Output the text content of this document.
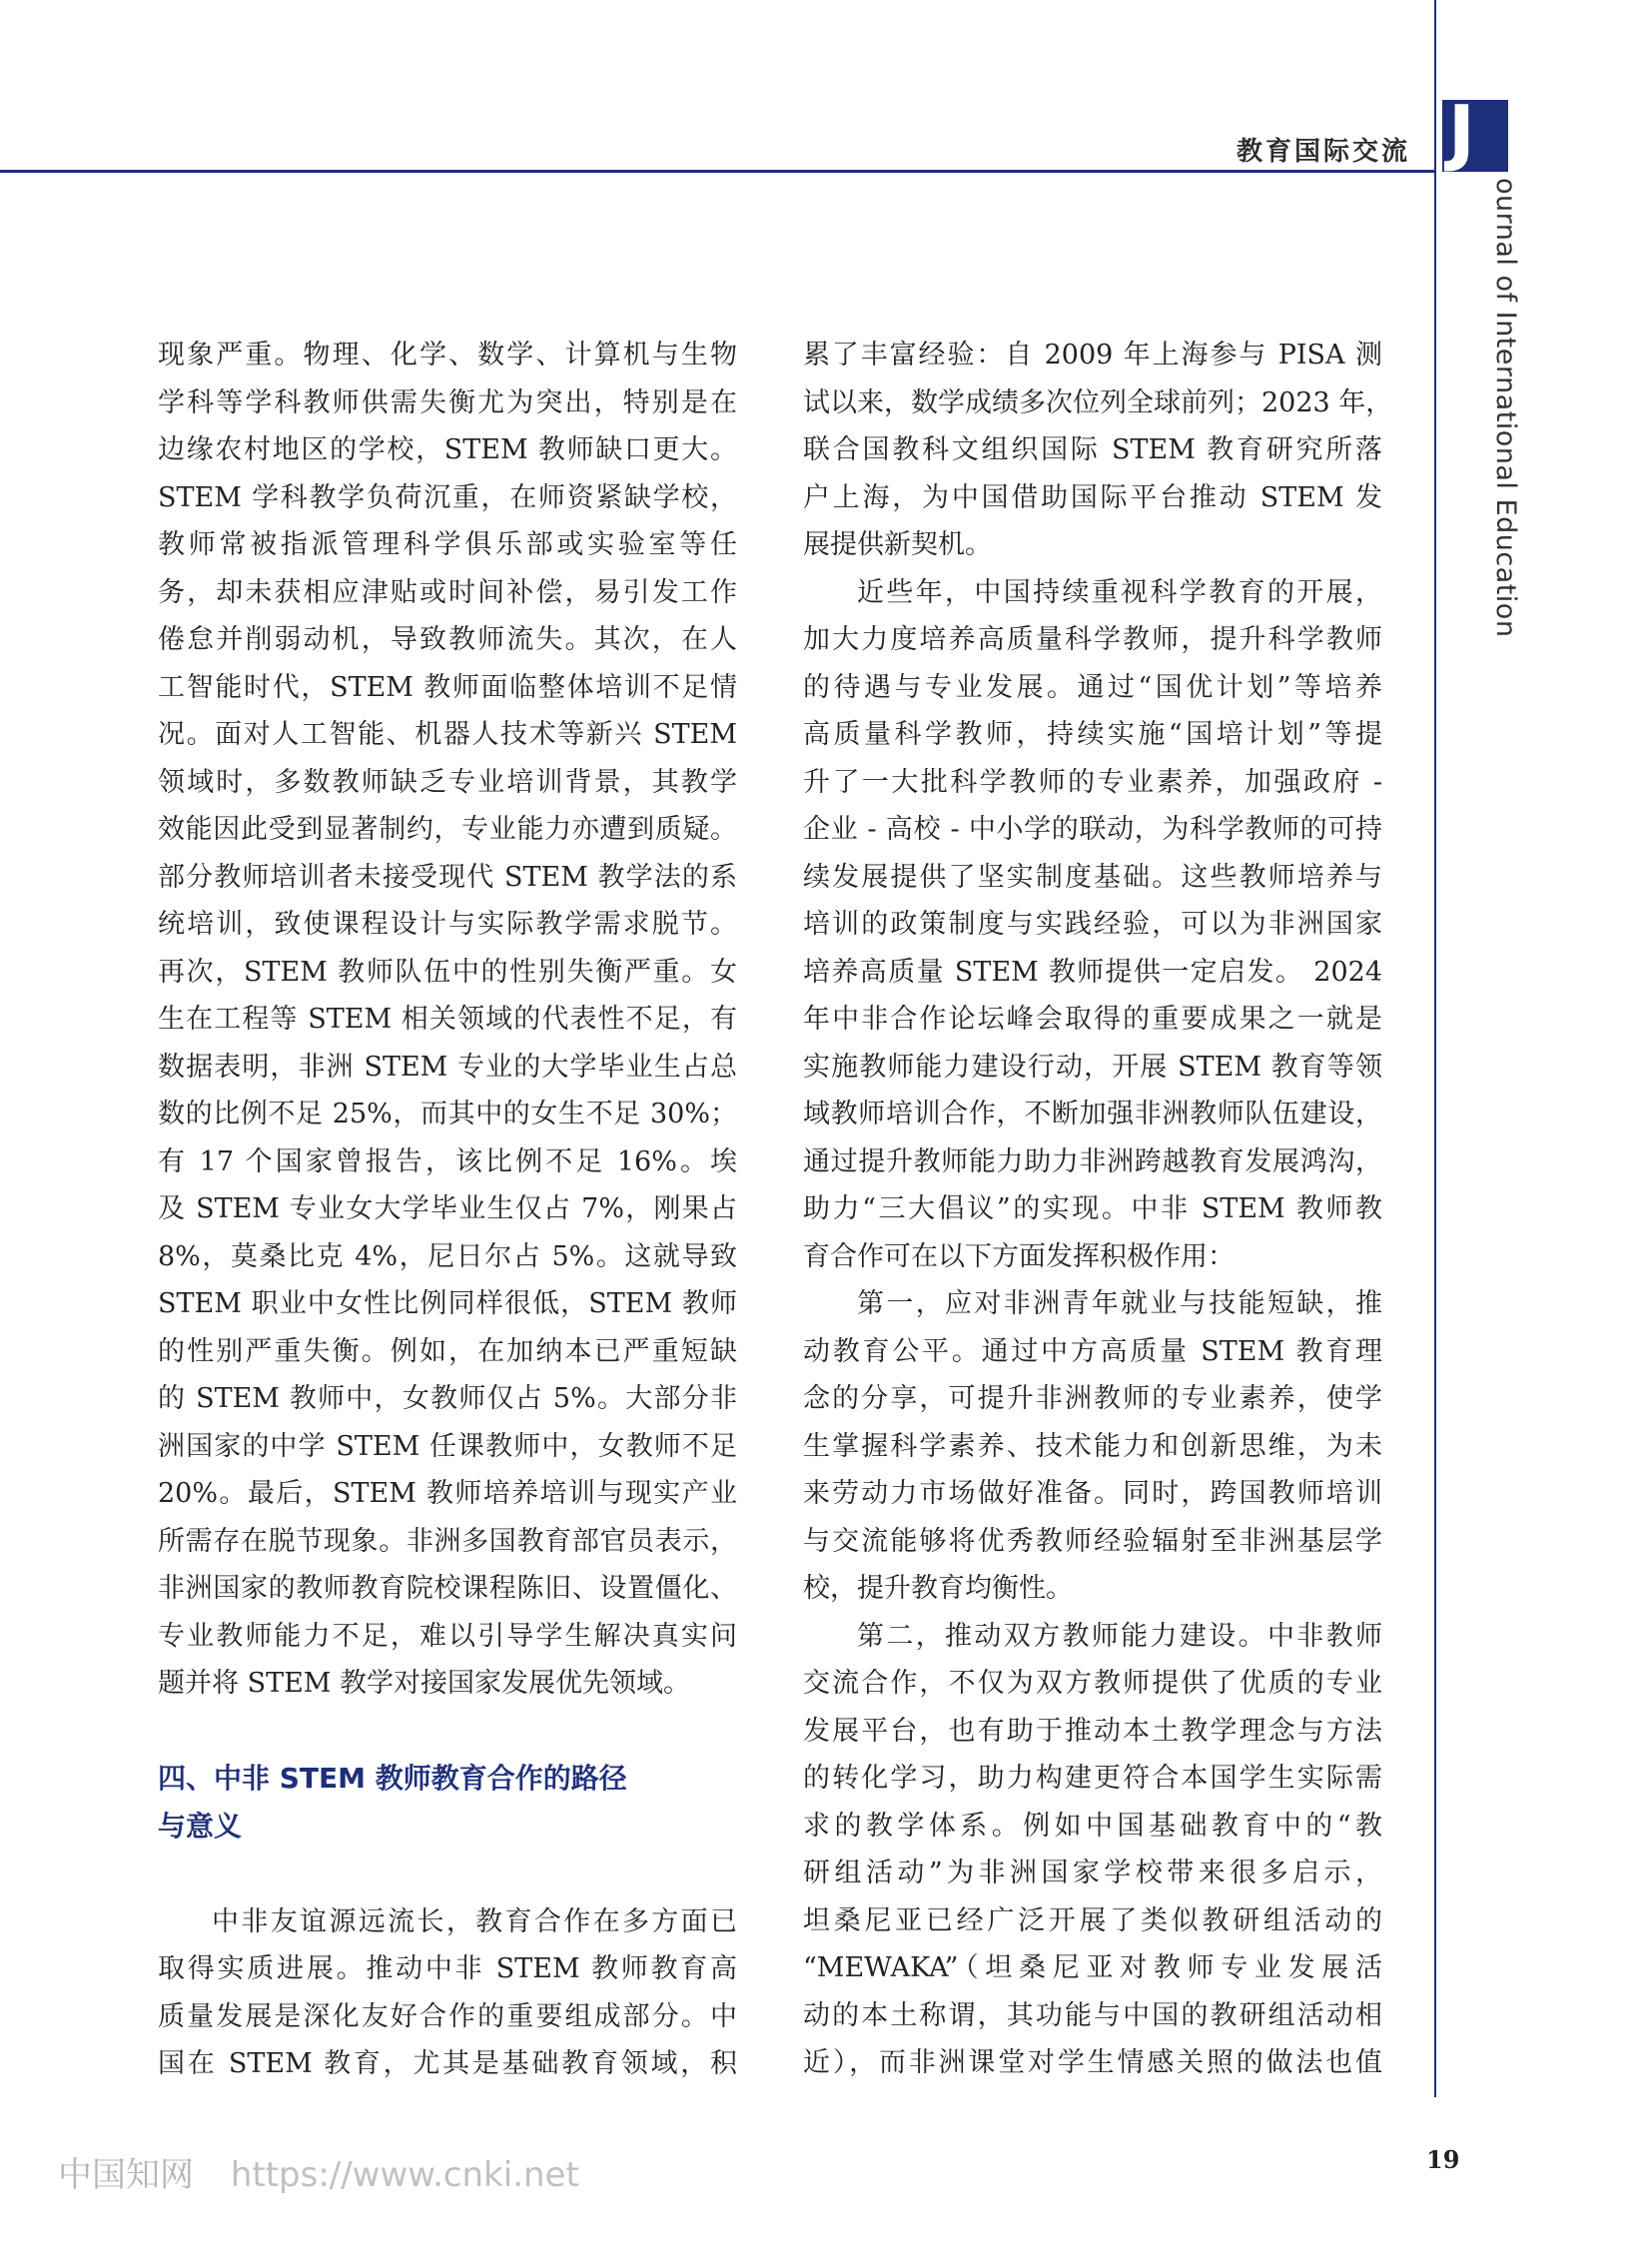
教育国际交流 J
ournal of International Education
现象严重。物理、化学、数学、计算机与生物
学科等学科教师供需失衡尤为突出，特别是在
边缘农村地区的学校，STEM 教师缺口更大。
STEM 学科教学负荷沉重，在师资紧缺学校，
教师常被指派管理科学俱乐部或实验室等任
务，却未获相应津贴或时间补偿，易引发工作
倦怠并削弱动机，导致教师流失。其次，在人
工智能时代，STEM 教师面临整体培训不足情
况。面对人工智能、机器人技术等新兴 STEM
领域时，多数教师缺乏专业培训背景，其教学
效能因此受到显著制约，专业能力亦遭到质疑。
部分教师培训者未接受现代 STEM 教学法的系
统培训，致使课程设计与实际教学需求脱节。
再次，STEM 教师队伍中的性别失衡严重。女
生在工程等 STEM 相关领域的代表性不足，有
数据表明，非洲 STEM 专业的大学毕业生占总
数的比例不足 25%，而其中的女生不足 30%；
有 17 个国家曾报告，该比例不足 16%。埃
及 STEM 专业女大学毕业生仅占 7%，刚果占
8%，莫桑比克 4%，尼日尔占 5%。这就导致
STEM 职业中女性比例同样很低，STEM 教师
的性别严重失衡。例如，在加纳本已严重短缺
的 STEM 教师中，女教师仅占 5%。大部分非
洲国家的中学 STEM 任课教师中，女教师不足
20%。最后，STEM 教师培养培训与现实产业
所需存在脱节现象。非洲多国教育部官员表示，
非洲国家的教师教育院校课程陈旧、设置僵化、
专业教师能力不足，难以引导学生解决真实问
题并将 STEM 教学对接国家发展优先领域。
四、中非 STEM 教师教育合作的路径
与意义
中非友谊源远流长，教育合作在多方面已
取得实质进展。推动中非 STEM 教师教育高
质量发展是深化友好合作的重要组成部分。中
国在 STEM 教育，尤其是基础教育领域，积
累了丰富经验：自 2009 年上海参与 PISA 测
试以来，数学成绩多次位列全球前列；2023 年，
联合国教科文组织国际 STEM 教育研究所落
户上海，为中国借助国际平台推动 STEM 发
展提供新契机。
近些年，中国持续重视科学教育的开展，
加大力度培养高质量科学教师，提升科学教师
的待遇与专业发展。通过“国优计划”等培养
高质量科学教师，持续实施“国培计划”等提
升了一大批科学教师的专业素养，加强政府 -
企业 - 高校 - 中小学的联动，为科学教师的可持
续发展提供了坚实制度基础。这些教师培养与
培训的政策制度与实践经验，可以为非洲国家
培养高质量 STEM 教师提供一定启发。 2024
年中非合作论坛峰会取得的重要成果之一就是
实施教师能力建设行动，开展 STEM 教育等领
域教师培训合作，不断加强非洲教师队伍建设，
通过提升教师能力助力非洲跨越教育发展鸿沟，
助力“三大倡议”的实现。中非 STEM 教师教
育合作可在以下方面发挥积极作用：
第一，应对非洲青年就业与技能短缺，推
动教育公平。通过中方高质量 STEM 教育理
念的分享，可提升非洲教师的专业素养，使学
生掌握科学素养、技术能力和创新思维，为未
来劳动力市场做好准备。同时，跨国教师培训
与交流能够将优秀教师经验辐射至非洲基层学
校，提升教育均衡性。
第二，推动双方教师能力建设。中非教师
交流合作，不仅为双方教师提供了优质的专业
发展平台，也有助于推动本土教学理念与方法
的转化学习，助力构建更符合本国学生实际需
求的教学体系。例如中国基础教育中的“教
研组活动”为非洲国家学校带来很多启示，
坦桑尼亚已经广泛开展了类似教研组活动的
“MEWAKA”（坦桑尼亚对教师专业发展活
动的本土称谓，其功能与中国的教研组活动相
近），而非洲课堂对学生情感关照的做法也值
19
中国知网 https://www.cnki.net
